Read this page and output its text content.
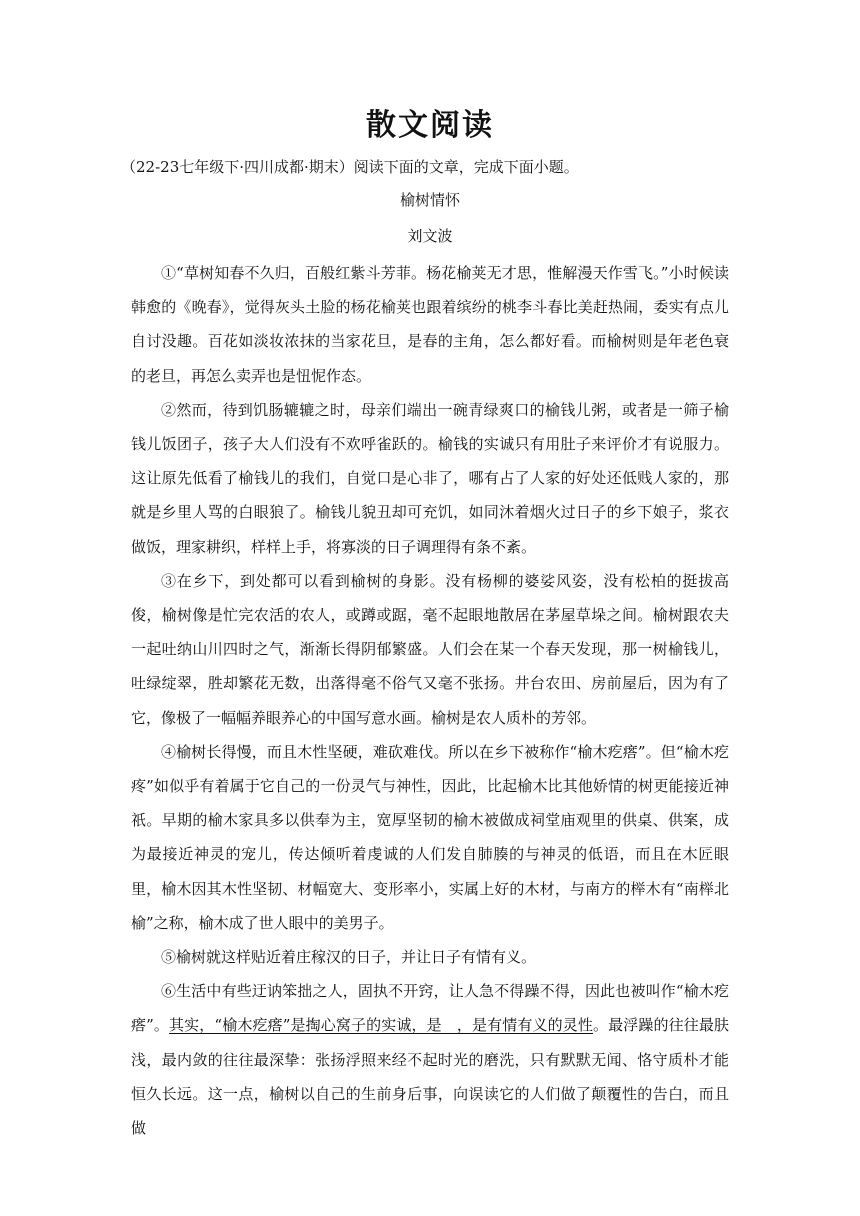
散文阅读
（22-23七年级下·四川成都·期末）阅读下面的文章，完成下面小题。
榆树情怀
刘文波

①“草树知春不久归，百般红紫斗芳菲。杨花榆荚无才思，惟解漫天作雪飞。”小时候读韩愈的《晚春》，觉得灰头土脸的杨花榆荚也跟着缤纷的桃李斗春比美赶热闹，委实有点儿自讨没趣。百花如淡妆浓抹的当家花旦，是春的主角，怎么都好看。而榆树则是年老色衰的老旦，再怎么卖弄也是忸怩作态。

②然而，待到饥肠辘辘之时，母亲们端出一碗青绿爽口的榆钱儿粥，或者是一筛子榆钱儿饭团子，孩子大人们没有不欢呼雀跃的。榆钱的实诚只有用肚子来评价才有说服力。这让原先低看了榆钱儿的我们，自觉口是心非了，哪有占了人家的好处还低贱人家的，那就是乡里人骂的白眼狼了。榆钱儿貌丑却可充饥，如同沐着烟火过日子的乡下娘子，浆衣做饭，理家耕织，样样上手，将寡淡的日子调理得有条不紊。

③在乡下，到处都可以看到榆树的身影。没有杨柳的婆娑风姿，没有松柏的挺拔高俊，榆树像是忙完农活的农人，或蹲或踞，毫不起眼地散居在茅屋草垛之间。榆树跟农夫一起吐纳山川四时之气，渐渐长得阴郁繁盛。人们会在某一个春天发现，那一树榆钱儿，吐绿绽翠，胜却繁花无数，出落得毫不俗气又毫不张扬。井台农田、房前屋后，因为有了它，像极了一幅幅养眼养心的中国写意水画。榆树是农人质朴的芳邻。

④榆树长得慢，而且木性坚硬，难砍难伐。所以在乡下被称作“榆木疙瘩”。但“榆木疙疼”如似乎有着属于它自己的一份灵气与神性，因此，比起榆木比其他娇情的树更能接近神祇。早期的榆木家具多以供奉为主，宽厚坚韧的榆木被做成祠堂庙观里的供桌、供案，成为最接近神灵的宠儿，传达倾听着虔诚的人们发自肺腠的与神灵的低语，而且在木匠眼里，榆木因其木性坚韧、材幅宽大、变形率小，实属上好的木材，与南方的榉木有“南榉北榆”之称，榆木成了世人眼中的美男子。

⑤榆树就这样贴近着庄稼汉的日子，并让日子有情有义。

⑥生活中有些迂讷笨拙之人，固执不开窍，让人急不得躁不得，因此也被叫作“榆木疙瘩”。其实，“榆木疙瘩”是掏心窝子的实诚，是　，是有情有义的灵性。最浮躁的往往最肤浅，最内敛的往往最深挚：张扬浮照来经不起时光的磨洗，只有默默无闻、恪守质朴才能恒久长远。这一点，榆树以自己的生前身后事，向误读它的人们做了颠覆性的告白，而且做
